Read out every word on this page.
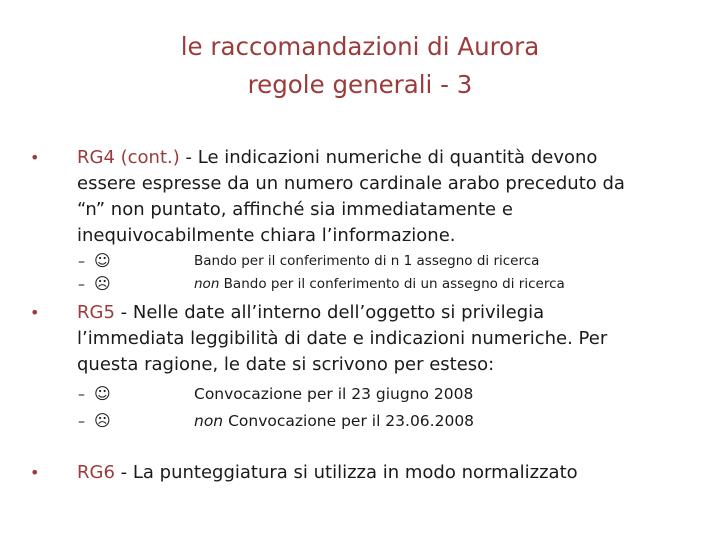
le raccomandazioni di Aurora
regole generali - 3
• RG4 (cont.) - Le indicazioni numeriche di quantità devono
essere espresse da un numero cardinale arabo preceduto da
“n” non puntato, affinché sia immediatamente e
inequivocabilmente chiara l’informazione.
– ☺	Bando per il conferimento di n 1 assegno di ricerca
– ☹	non Bando per il conferimento di un assegno di ricerca
• RG5 - Nelle date all’interno dell’oggetto si privilegia
l’immediata leggibilità di date e indicazioni numeriche. Per
questa ragione, le date si scrivono per esteso:
– ☺	Convocazione per il 23 giugno 2008
– ☹	non Convocazione per il 23.06.2008
• RG6 - La punteggiatura si utilizza in modo normalizzato
